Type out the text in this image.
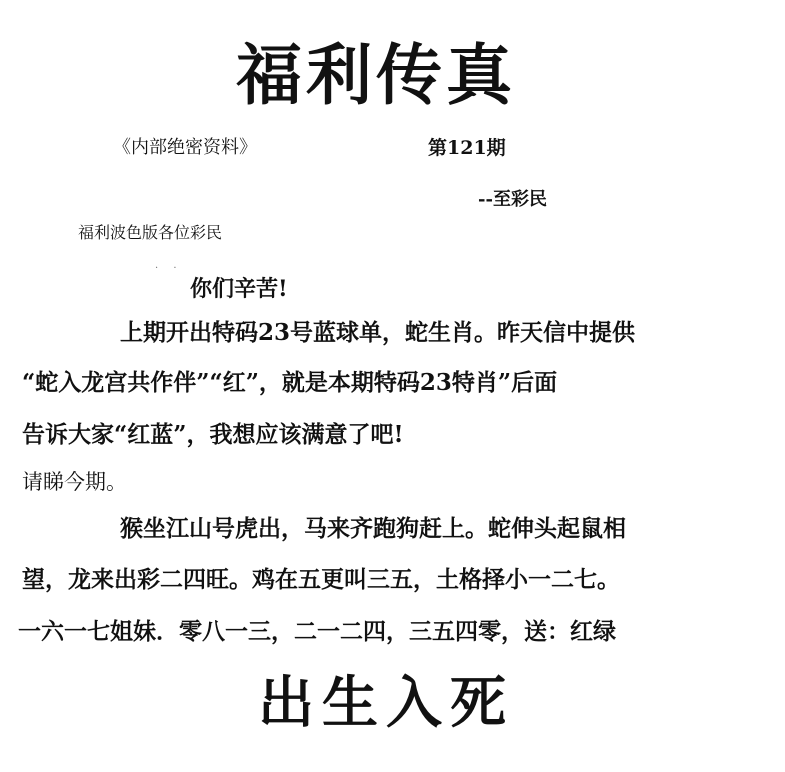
福利传真
《内部绝密资料》	第121期
--至彩民
福利波色版各位彩民
· ·
你们辛苦!
上期开出特码23号蓝球单，蛇生肖。昨天信中提供
“蛇入龙宫共作伴”“红”，就是本期特码23特肖”后面
告诉大家“红蓝”，我想应该满意了吧!
请睇今期。
猴坐江山号虎出，马来齐跑狗赶上。蛇伸头起鼠相
望，龙来出彩二四旺。鸡在五更叫三五，土格择小一二七。
一六一七姐妹．零八一三，二一二四，三五四零，送：红绿
出生入死
